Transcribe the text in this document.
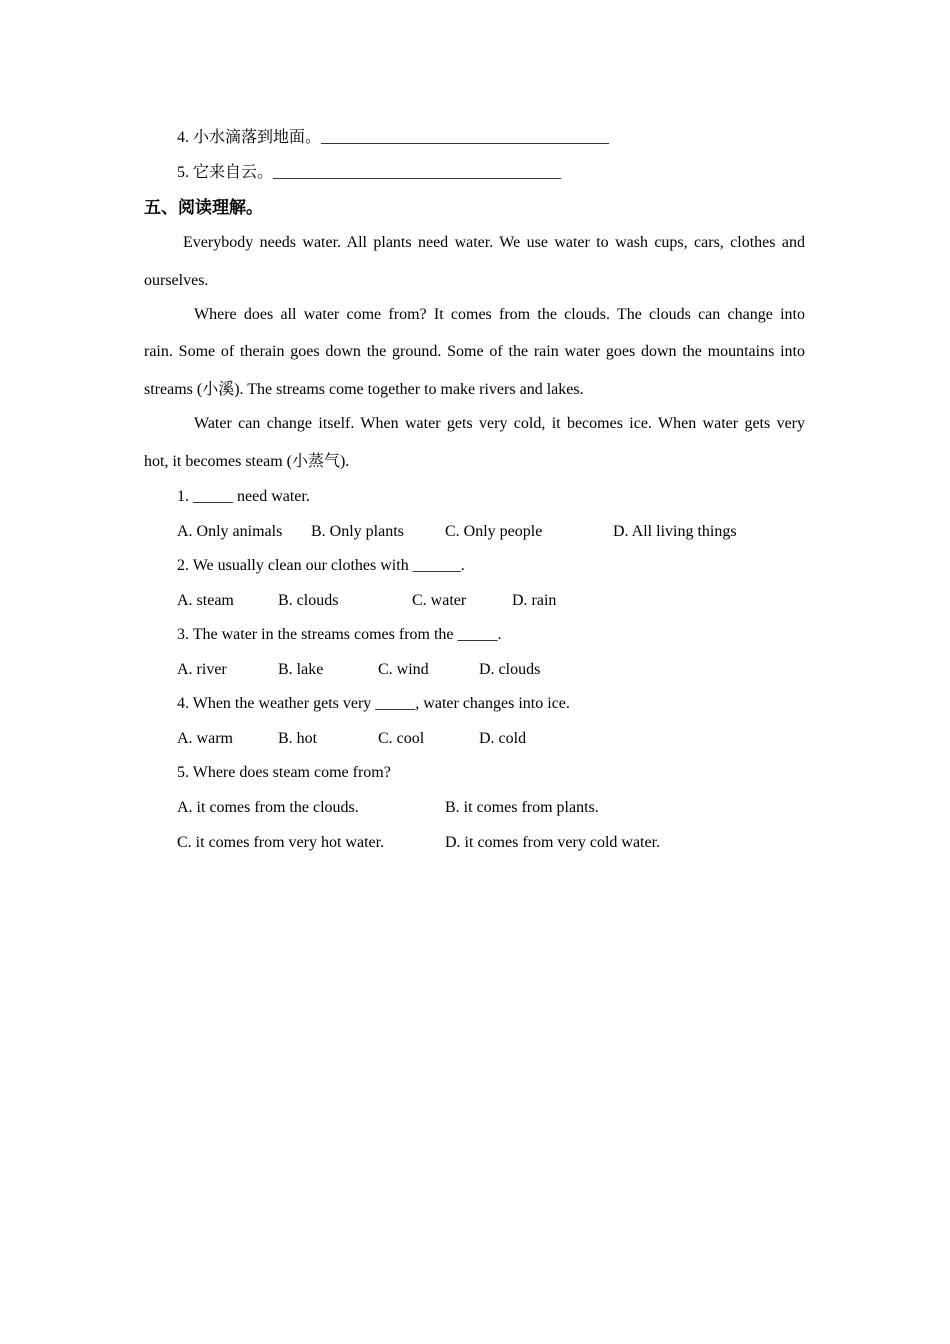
4. 小水滴落到地面。____________________________________
5. 它来自云。____________________________________
五、阅读理解。
Everybody needs water. All plants need water. We use water to wash cups, cars, clothes and
ourselves.
Where does all water come from? It comes from the clouds. The clouds can change into
rain. Some of therain goes down the ground. Some of the rain water goes down the mountains into
streams (小溪). The streams come together to make rivers and lakes.
Water can change itself. When water gets very cold, it becomes ice. When water gets very
hot, it becomes steam (小蒸气).
1. _____ need water.
A. Only animals B. Only plants	C. Only people	D. All living things
2. We usually clean our clothes with ______.
A. steam	B. clouds	C. water	D. rain
3. The water in the streams comes from the _____.
A. river	B. lake	C. wind	D. clouds
4. When the weather gets very _____, water changes into ice.
A. warm	B. hot	C. cool	D. cold
5. Where does steam come from?
A. it comes from the clouds.	B. it comes from plants.
C. it comes from very hot water.	D. it comes from very cold water.
